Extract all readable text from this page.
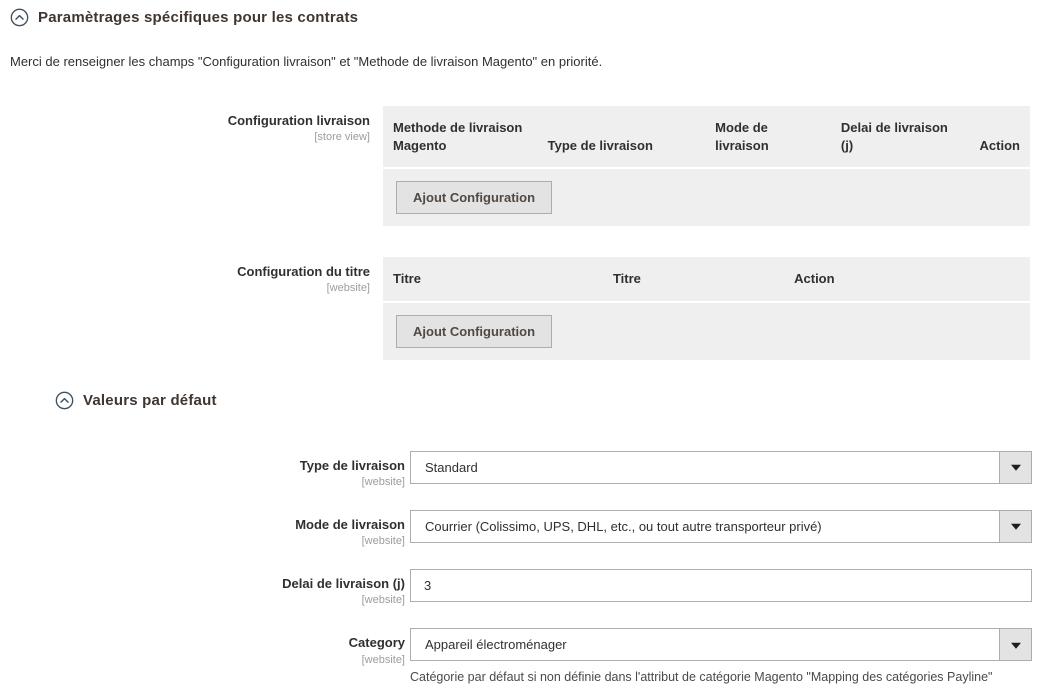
Paramètrages spécifiques pour les contrats
Merci de renseigner les champs "Configuration livraison" et "Methode de livraison Magento" en priorité.
Configuration livraison
[store view]
Methode de livraison Magento	Type de livraison	Mode de livraison	Delai de livraison (j)	Action
Ajout Configuration
Configuration du titre
[website]
Titre	Titre	Action
Ajout Configuration
Valeurs par défaut
Type de livraison
[website]
Standard
Mode de livraison
[website]
Courrier (Colissimo, UPS, DHL, etc., ou tout autre transporteur privé)
Delai de livraison (j)
[website]
3
Category
[website]
Appareil électroménager
Catégorie par défaut si non définie dans l'attribut de catégorie Magento "Mapping des catégories Payline"
